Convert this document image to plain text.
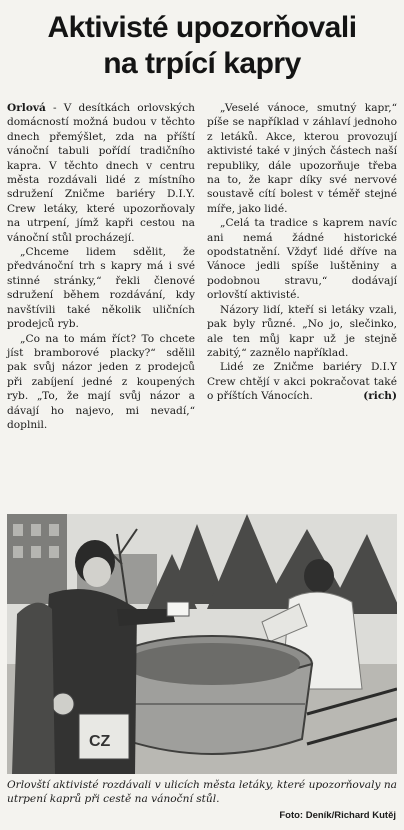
Aktivisté upozorňovali
na trpící kapry

Orlová - V desítkách orlovských domácností možná budou v těchto dnech přemýšlet, zda na příští vánoční tabuli pořídí tradičního kapra. V těchto dnech v centru města rozdávali lidé z místního sdružení Zničme bariéry D.I.Y. Crew letáky, které upozorňovaly na utrpení, jímž kapři cestou na vánoční stůl procházejí.

„Chceme lidem sdělit, že předvánoční trh s kapry má i své stinné stránky,“ řekli členové sdružení během rozdávání, kdy navštívili také několik uličních prodejců ryb.

„Co na to mám říct? To chcete jíst bramborové placky?“ sdělil pak svůj názor jeden z prodejců při zabíjení jedné z koupených ryb. „To, že mají svůj názor a dávají ho najevo, mi nevadí,“ doplnil.

„Veselé vánoce, smutný kapr,“ píše se například v záhlaví jednoho z letáků. Akce, kterou provozují aktivisté také v jiných částech naší republiky, dále upozorňuje třeba na to, že kapr díky své nervové soustavě cítí bolest v téměř stejné míře, jako lidé.

„Celá ta tradice s kaprem navíc ani nemá žádné historické opodstatnění. Vždyť lidé dříve na Vánoce jedli spíše luštěniny a podobnou stravu,“ dodávají orlovští aktivisté.

Názory lidí, kteří si letáky vzali, pak byly různé. „No jo, slečinko, ale ten můj kapr už je stejně zabitý,“ zaznělo například.

Lidé ze Zničme bariéry D.I.Y Crew chtějí v akci pokračovat také o příštích Vánocích.	(rich)

CZ
Orlovští aktivisté rozdávali v ulicích města letáky, které upozorňovaly na utrpení kaprů při cestě na vánoční stůl.
Foto: Deník/Richard Kutěj
